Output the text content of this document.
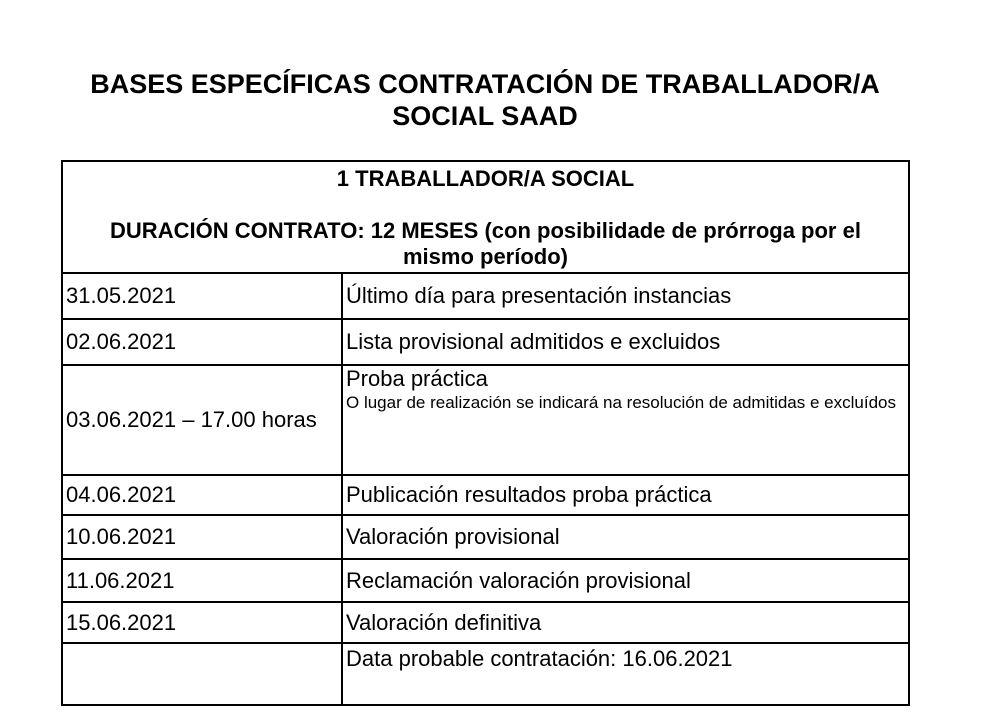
BASES ESPECÍFICAS CONTRATACIÓN DE TRABALLADOR/A
SOCIAL SAAD
1 TRABALLADOR/A SOCIAL
DURACIÓN CONTRATO: 12 MESES (con posibilidade de prórroga por el mismo período)	

31.05.2021	Último día para presentación instancias

02.06.2021	Lista provisional admitidos e excluidos

03.06.2021 – 17.00 horas	Proba práctica
O lugar de realización se indicará na resolución de admitidas e excluídos

04.06.2021	Publicación resultados proba práctica

10.06.2021	Valoración provisional

11.06.2021	Reclamación valoración provisional

15.06.2021	Valoración definitiva

	Data probable contratación: 16.06.2021
